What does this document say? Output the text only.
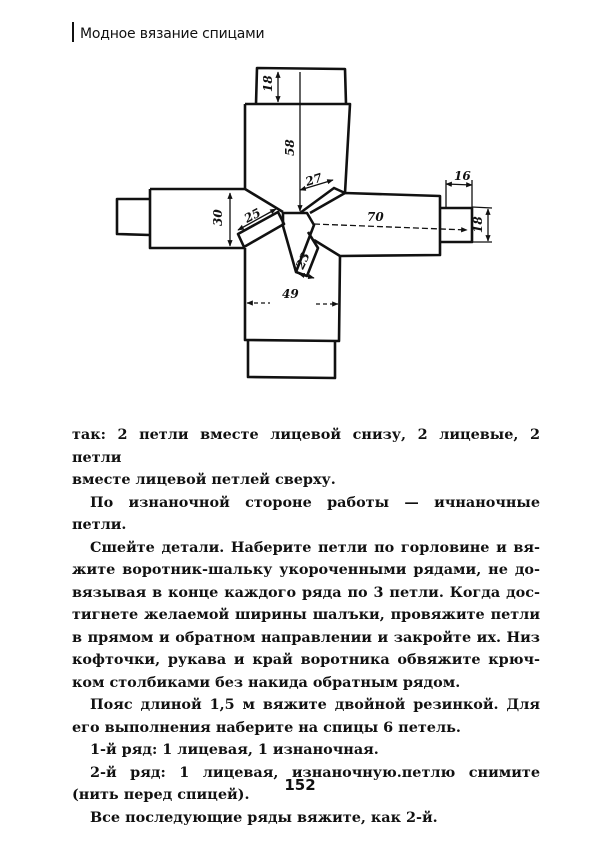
Модное вязание спицами
18
58
27
30 25	70
16
18
23
49

так: 2 петли вместе лицевой снизу, 2 лицевые, 2 петли

вместе лицевой петлей сверху.

По изнаночной стороне работы — ичнаночные петли.

Сшейте детали. Наберите петли по горловине и вя-

жите воротник-шальку укороченными рядами, не до-

вязывая в конце каждого ряда по 3 петли. Когда дос-

тигнете желаемой ширины шалъки, провяжите петли

в прямом и обратном направлении и закройте их. Низ

кофточки, рукава и край воротника обвяжите крюч-

ком столбиками без накида обратным рядом.

Пояс длиной 1,5 м вяжите двойной резинкой. Для

его выполнения наберите на спицы 6 петель.

1-й ряд: 1 лицевая, 1 изнаночная.

2-й ряд: 1 лицевая, изнаночную.петлю снимите

(нить перед спицей).

Все последующие ряды вяжите, как 2-й.

152
